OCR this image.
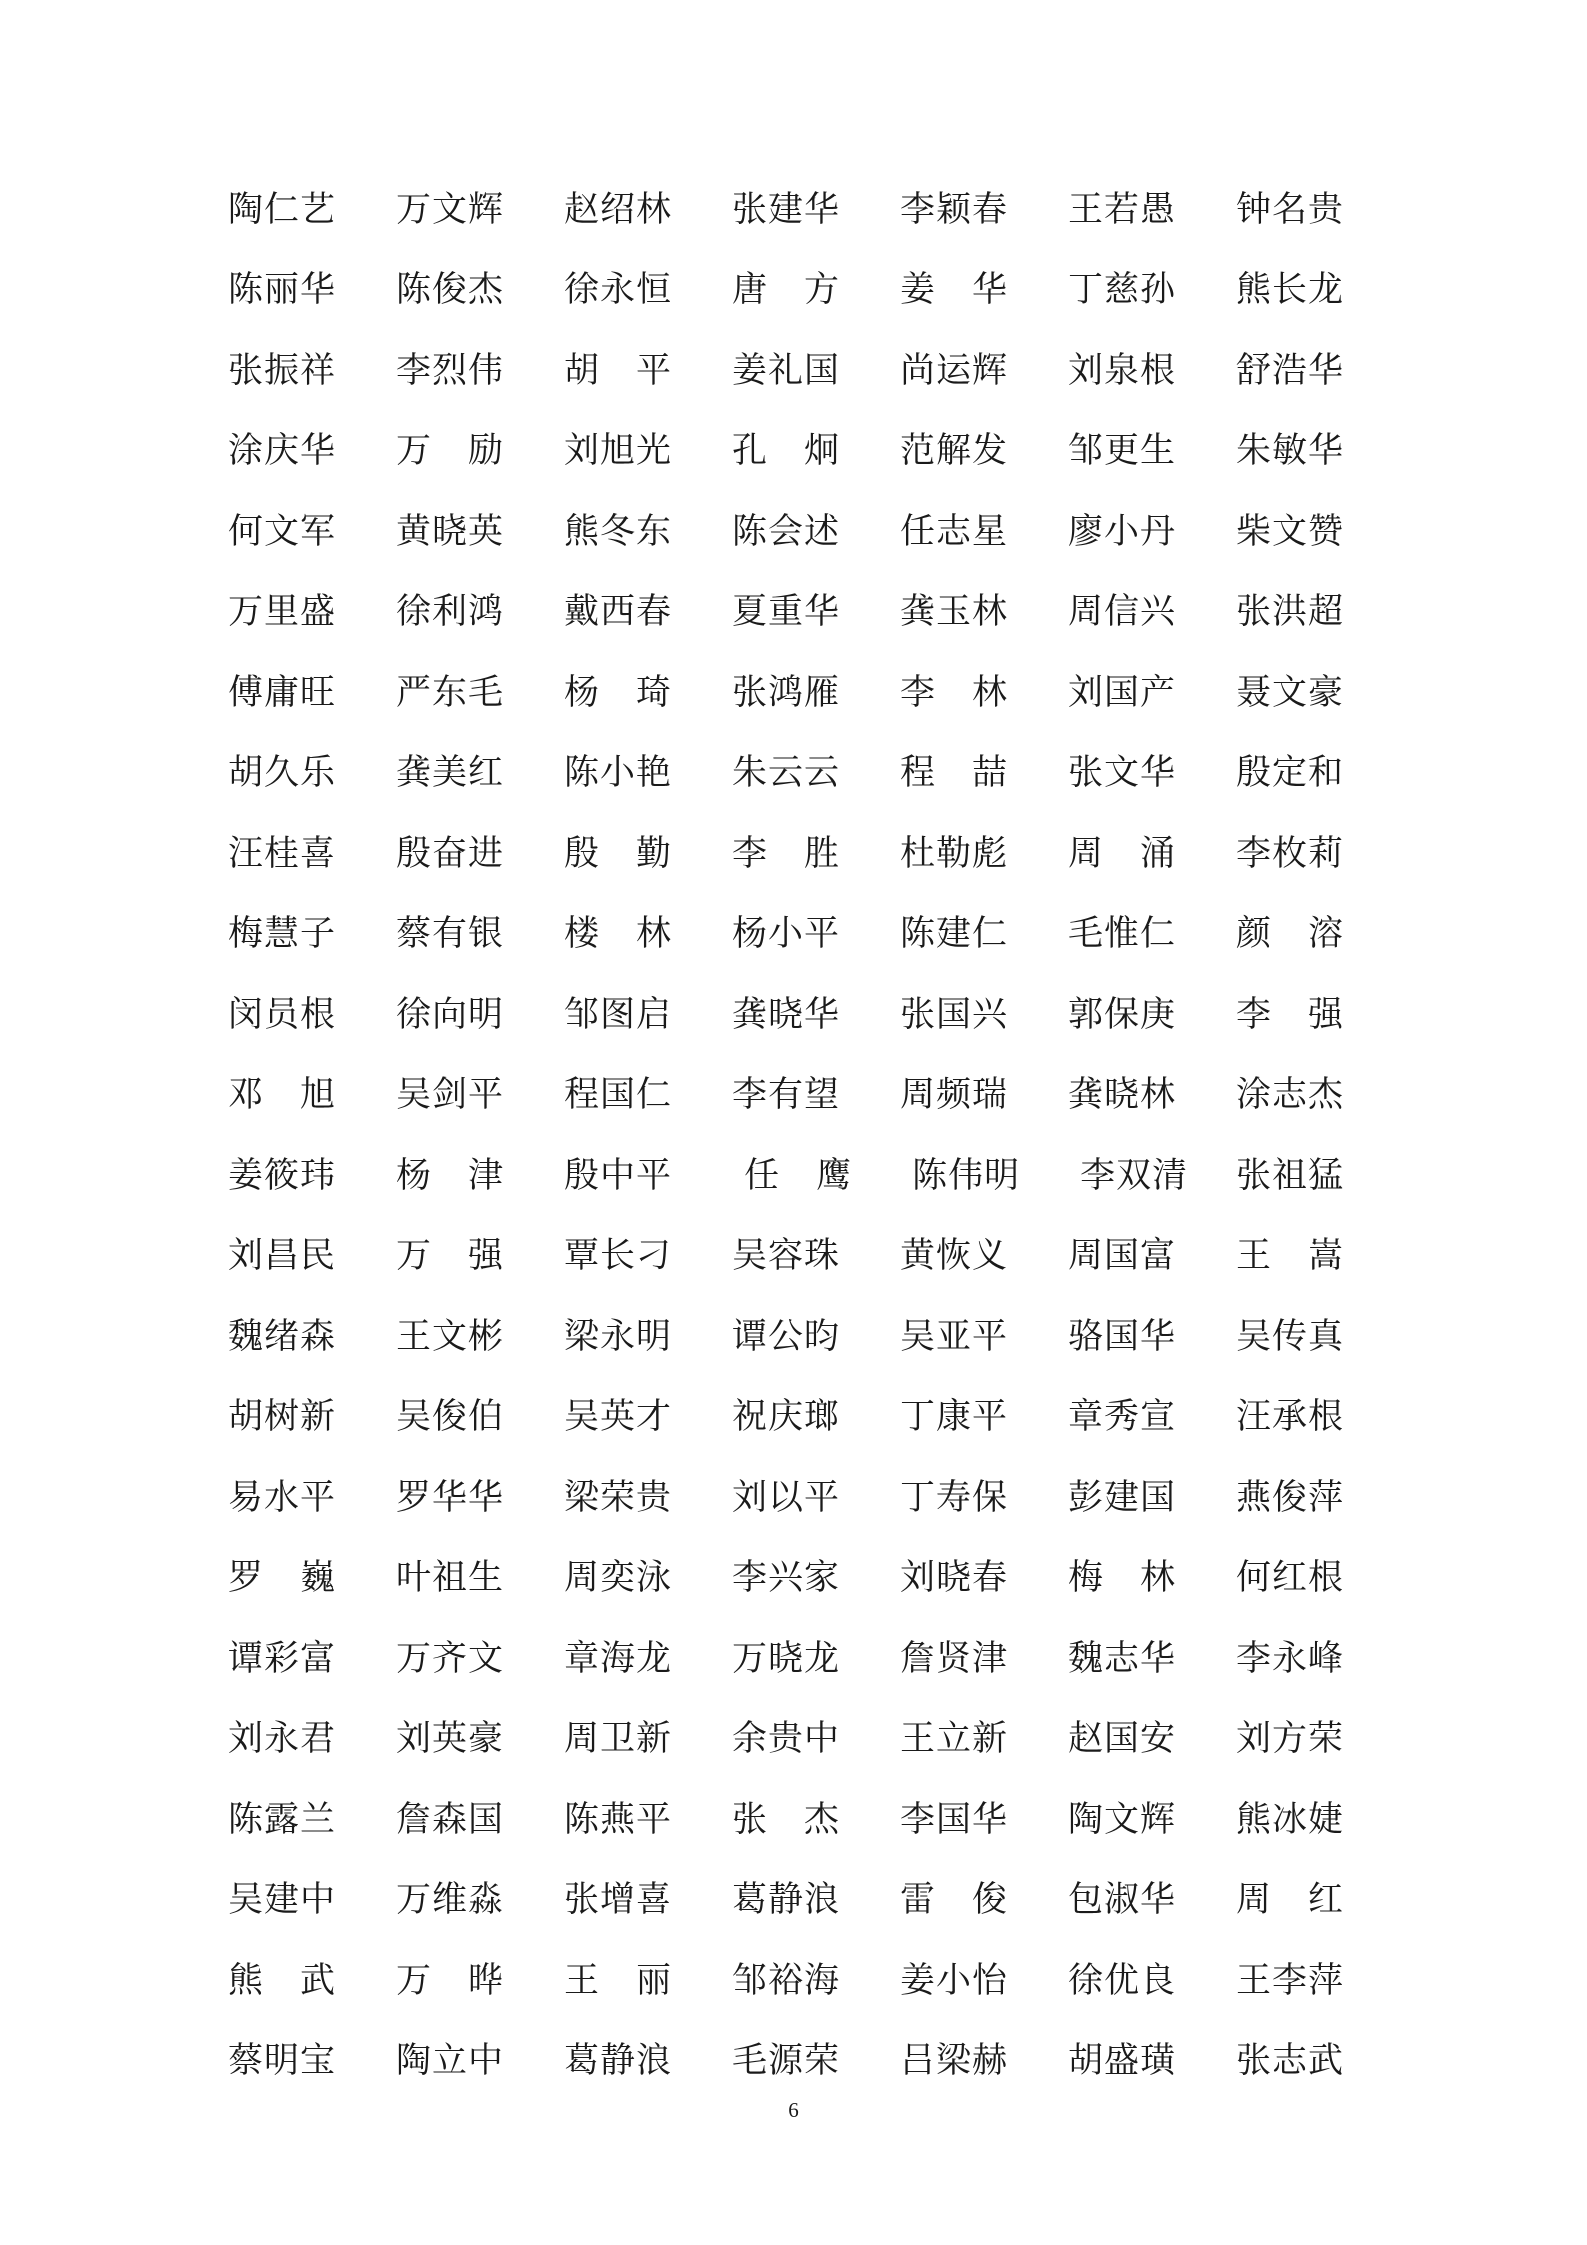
陶仁艺	万文辉	赵绍林	张建华	李颖春	王若愚	钟名贵
陈丽华	陈俊杰	徐永恒	唐　方	姜　华	丁慈孙	熊长龙
张振祥	李烈伟	胡　平	姜礼国	尚运辉	刘泉根	舒浩华
涂庆华	万　励	刘旭光	孔　炯	范解发	邹更生	朱敏华
何文军	黄晓英	熊冬东	陈会述	任志星	廖小丹	柴文赞
万里盛	徐利鸿	戴西春	夏重华	龚玉林	周信兴	张洪超
傅庸旺	严东毛	杨　琦	张鸿雁	李　林	刘国产	聂文豪
胡久乐	龚美红	陈小艳	朱云云	程　喆	张文华	殷定和
汪桂喜	殷奋进	殷　勤	李　胜	杜勒彪	周　涌	李枚莉
梅慧子	蔡有银	楼　林	杨小平	陈建仁	毛惟仁	颜　溶
闵员根	徐向明	邹图启	龚晓华	张国兴	郭保庚	李　强
邓　旭	吴剑平	程国仁	李有望	周频瑞	龚晓林	涂志杰
姜筱玮	杨　津	殷中平	任　鹰	陈伟明	李双清	张祖猛
刘昌民	万　强	覃长刁	吴容珠	黄恢义	周国富	王　嵩
魏绪森	王文彬	梁永明	谭公昀	吴亚平	骆国华	吴传真
胡树新	吴俊伯	吴英才	祝庆瑯	丁康平	章秀宣	汪承根
易水平	罗华华	梁荣贵	刘以平	丁寿保	彭建国	燕俊萍
罗　巍	叶祖生	周奕泳	李兴家	刘晓春	梅　林	何红根
谭彩富	万齐文	章海龙	万晓龙	詹贤津	魏志华	李永峰
刘永君	刘英豪	周卫新	余贵中	王立新	赵国安	刘方荣
陈露兰	詹森国	陈燕平	张　杰	李国华	陶文辉	熊冰婕
吴建中	万维淼	张增喜	葛静浪	雷　俊	包淑华	周　红
熊　武	万　晔	王　丽	邹裕海	姜小怡	徐优良	王李萍
蔡明宝	陶立中	葛静浪	毛源荣	吕梁赫	胡盛璜	张志武
6
